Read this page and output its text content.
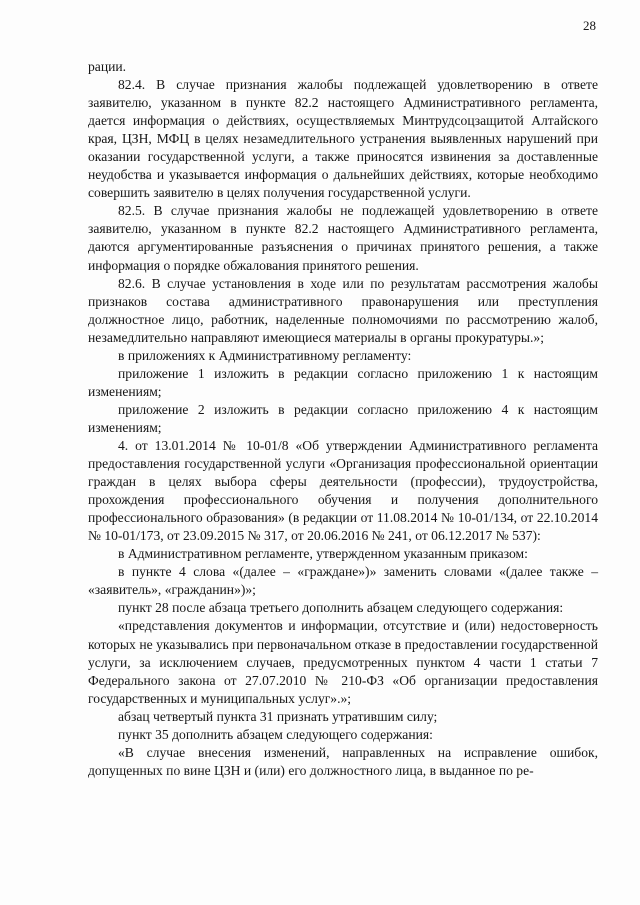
28

рации.

82.4. В случае признания жалобы подлежащей удовлетворению в ответе заявителю, указанном в пункте 82.2 настоящего Административного регламента, дается информация о действиях, осуществляемых Минтрудсоцзащитой Алтайского края, ЦЗН, МФЦ в целях незамедлительного устранения выявленных нарушений при оказании государственной услуги, а также приносятся извинения за доставленные неудобства и указывается информация о дальнейших действиях, которые необходимо совершить заявителю в целях получения государственной услуги.

82.5. В случае признания жалобы не подлежащей удовлетворению в ответе заявителю, указанном в пункте 82.2 настоящего Административного регламента, даются аргументированные разъяснения о причинах принятого решения, а также информация о порядке обжалования принятого решения.

82.6. В случае установления в ходе или по результатам рассмотрения жалобы признаков состава административного правонарушения или преступления должностное лицо, работник, наделенные полномочиями по рассмотрению жалоб, незамедлительно направляют имеющиеся материалы в органы прокуратуры.»;

в приложениях к Административному регламенту:

приложение 1 изложить в редакции согласно приложению 1 к настоящим изменениям;

приложение 2 изложить в редакции согласно приложению 4 к настоящим изменениям;

4. от 13.01.2014 № 10-01/8 «Об утверждении Административного регламента предоставления государственной услуги «Организация профессиональной ориентации граждан в целях выбора сферы деятельности (профессии), трудоустройства, прохождения профессионального обучения и получения дополнительного профессионального образования» (в редакции от 11.08.2014 № 10-01/134, от 22.10.2014 № 10-01/173, от 23.09.2015 № 317, от 20.06.2016 № 241, от 06.12.2017 № 537):

в Административном регламенте, утвержденном указанным приказом:

в пункте 4 слова «(далее – «граждане»)» заменить словами «(далее также – «заявитель», «гражданин»)»;

пункт 28 после абзаца третьего дополнить абзацем следующего содержания:

«представления документов и информации, отсутствие и (или) недостоверность которых не указывались при первоначальном отказе в предоставлении государственной услуги, за исключением случаев, предусмотренных пунктом 4 части 1 статьи 7 Федерального закона от 27.07.2010 № 210-ФЗ «Об организации предоставления государственных и муниципальных услуг».»;

абзац четвертый пункта 31 признать утратившим силу;

пункт 35 дополнить абзацем следующего содержания:

«В случае внесения изменений, направленных на исправление ошибок, допущенных по вине ЦЗН и (или) его должностного лица, в выданное по ре-
